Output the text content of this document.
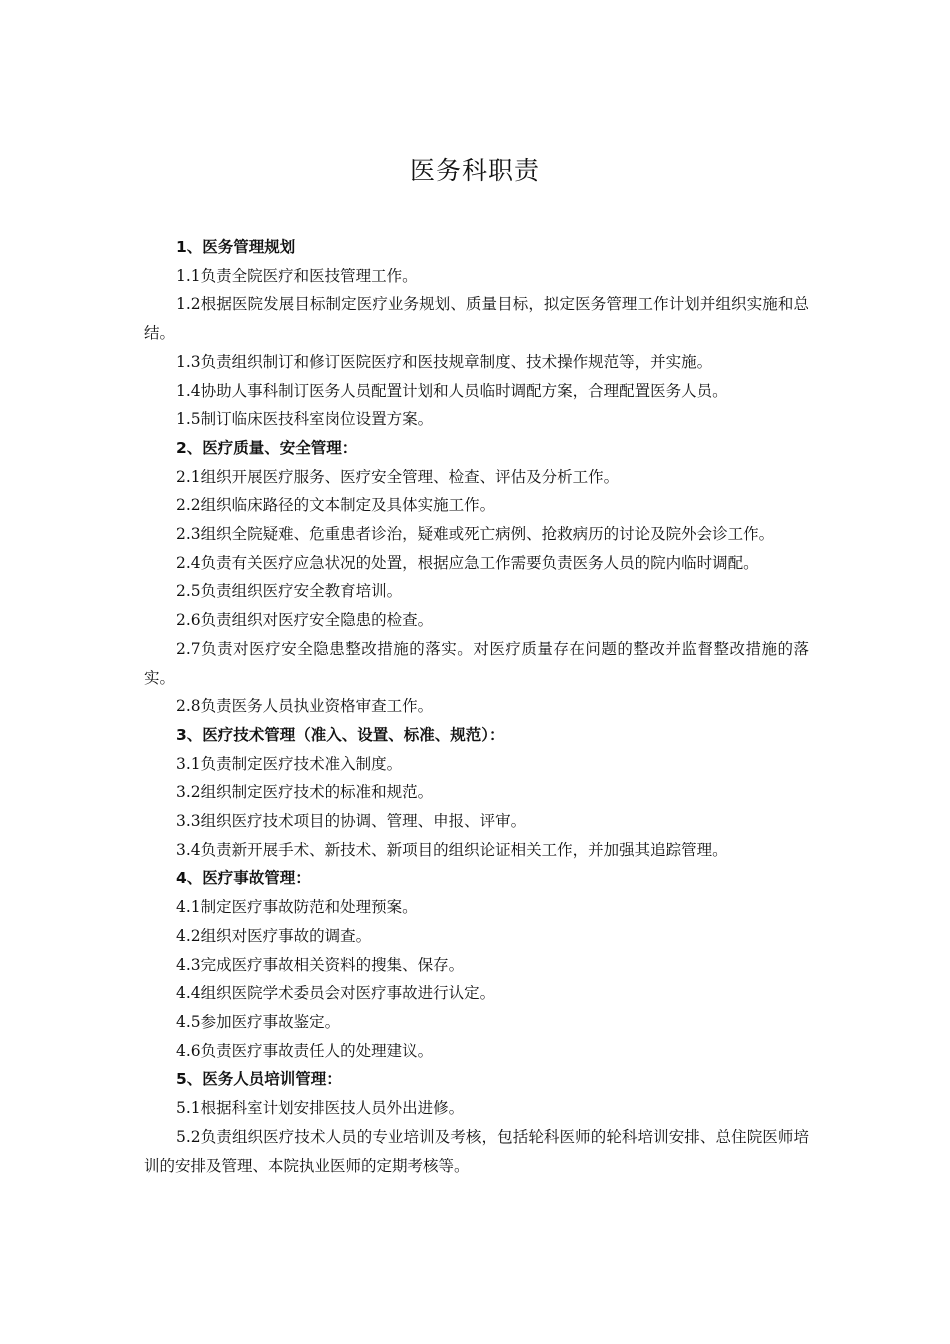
医务科职责

1、医务管理规划

1.1负责全院医疗和医技管理工作。

1.2根据医院发展目标制定医疗业务规划、质量目标，拟定医务管理工作计划并组织实施和总结。

1.3负责组织制订和修订医院医疗和医技规章制度、技术操作规范等，并实施。

1.4协助人事科制订医务人员配置计划和人员临时调配方案，合理配置医务人员。

1.5制订临床医技科室岗位设置方案。

2、医疗质量、安全管理：

2.1组织开展医疗服务、医疗安全管理、检查、评估及分析工作。

2.2组织临床路径的文本制定及具体实施工作。

2.3组织全院疑难、危重患者诊治，疑难或死亡病例、抢救病历的讨论及院外会诊工作。

2.4负责有关医疗应急状况的处置，根据应急工作需要负责医务人员的院内临时调配。

2.5负责组织医疗安全教育培训。

2.6负责组织对医疗安全隐患的检查。

2.7负责对医疗安全隐患整改措施的落实。对医疗质量存在问题的整改并监督整改措施的落实。

2.8负责医务人员执业资格审查工作。

3、医疗技术管理（准入、设置、标准、规范）：

3.1负责制定医疗技术准入制度。

3.2组织制定医疗技术的标准和规范。

3.3组织医疗技术项目的协调、管理、申报、评审。

3.4负责新开展手术、新技术、新项目的组织论证相关工作，并加强其追踪管理。

4、医疗事故管理：

4.1制定医疗事故防范和处理预案。

4.2组织对医疗事故的调查。

4.3完成医疗事故相关资料的搜集、保存。

4.4组织医院学术委员会对医疗事故进行认定。

4.5参加医疗事故鉴定。

4.6负责医疗事故责任人的处理建议。

5、医务人员培训管理：

5.1根据科室计划安排医技人员外出进修。

5.2负责组织医疗技术人员的专业培训及考核，包括轮科医师的轮科培训安排、总住院医师培训的安排及管理、本院执业医师的定期考核等。
